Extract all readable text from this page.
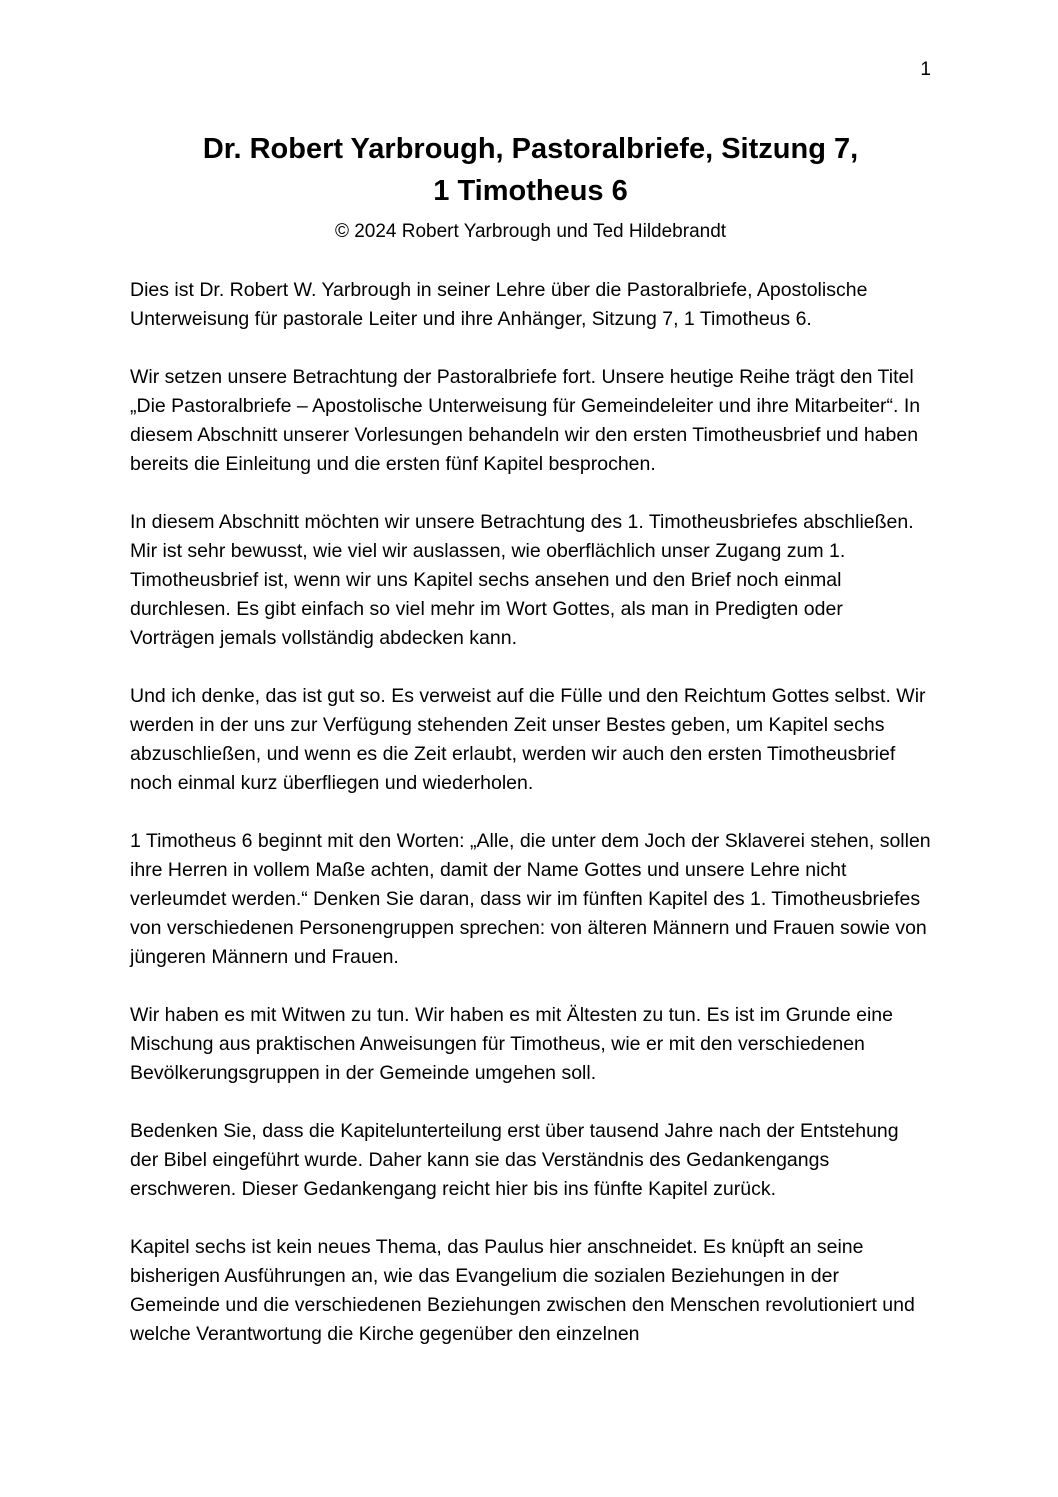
1
Dr. Robert Yarbrough, Pastoralbriefe, Sitzung 7,
1 Timotheus 6
© 2024 Robert Yarbrough und Ted Hildebrandt

Dies ist Dr. Robert W. Yarbrough in seiner Lehre über die Pastoralbriefe, Apostolische Unterweisung für pastorale Leiter und ihre Anhänger, Sitzung 7, 1 Timotheus 6.

Wir setzen unsere Betrachtung der Pastoralbriefe fort. Unsere heutige Reihe trägt den Titel „Die Pastoralbriefe – Apostolische Unterweisung für Gemeindeleiter und ihre Mitarbeiter“. In diesem Abschnitt unserer Vorlesungen behandeln wir den ersten Timotheusbrief und haben bereits die Einleitung und die ersten fünf Kapitel besprochen.

In diesem Abschnitt möchten wir unsere Betrachtung des 1. Timotheusbriefes abschließen. Mir ist sehr bewusst, wie viel wir auslassen, wie oberflächlich unser Zugang zum 1. Timotheusbrief ist, wenn wir uns Kapitel sechs ansehen und den Brief noch einmal durchlesen. Es gibt einfach so viel mehr im Wort Gottes, als man in Predigten oder Vorträgen jemals vollständig abdecken kann.

Und ich denke, das ist gut so. Es verweist auf die Fülle und den Reichtum Gottes selbst. Wir werden in der uns zur Verfügung stehenden Zeit unser Bestes geben, um Kapitel sechs abzuschließen, und wenn es die Zeit erlaubt, werden wir auch den ersten Timotheusbrief noch einmal kurz überfliegen und wiederholen.

1 Timotheus 6 beginnt mit den Worten: „Alle, die unter dem Joch der Sklaverei stehen, sollen ihre Herren in vollem Maße achten, damit der Name Gottes und unsere Lehre nicht verleumdet werden.“ Denken Sie daran, dass wir im fünften Kapitel des 1. Timotheusbriefes von verschiedenen Personengruppen sprechen: von älteren Männern und Frauen sowie von jüngeren Männern und Frauen.

Wir haben es mit Witwen zu tun. Wir haben es mit Ältesten zu tun. Es ist im Grunde eine Mischung aus praktischen Anweisungen für Timotheus, wie er mit den verschiedenen Bevölkerungsgruppen in der Gemeinde umgehen soll.

Bedenken Sie, dass die Kapitelunterteilung erst über tausend Jahre nach der Entstehung der Bibel eingeführt wurde. Daher kann sie das Verständnis des Gedankengangs erschweren. Dieser Gedankengang reicht hier bis ins fünfte Kapitel zurück.

Kapitel sechs ist kein neues Thema, das Paulus hier anschneidet. Es knüpft an seine bisherigen Ausführungen an, wie das Evangelium die sozialen Beziehungen in der Gemeinde und die verschiedenen Beziehungen zwischen den Menschen revolutioniert und welche Verantwortung die Kirche gegenüber den einzelnen
